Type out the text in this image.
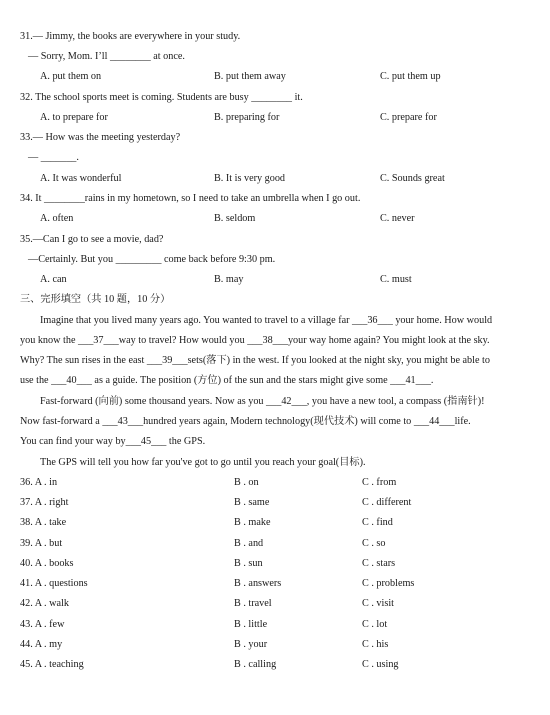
31.— Jimmy, the books are everywhere in your study.
— Sorry, Mom. I’ll ________ at once.
A. put them on	B. put them away	C. put them up
32. The school sports meet is coming. Students are busy ________ it.
A. to prepare for	B. preparing for	C. prepare for
33.— How was the meeting yesterday?
— _______.
A. It was wonderful	B. It is very good	C. Sounds great
34. It ________rains in my hometown, so I need to take an umbrella when I go out.
A. often	B. seldom	C. never
35.—Can I go to see a movie, dad?
—Certainly. But you _________ come back before 9:30 pm.
A. can	B. may	C. must
三、完形填空（共 10 题，10 分）
Imagine that you lived many years ago. You wanted to travel to a village far ___36___ your home. How would
you know the ___37___way to travel? How would you ___38___your way home again? You might look at the sky.
Why? The sun rises in the east ___39___sets(落下) in the west. If you looked at the night sky, you might be able to
use the ___40___ as a guide. The position (方位) of the sun and the stars might give some ___41___.
Fast-forward (向前) some thousand years. Now as you ___42___, you have a new tool, a compass (指南针)!
Now fast-forward a ___43___hundred years again, Modern technology(现代技术) will come to ___44___life.
You can find your way by___45___ the GPS.
The GPS will tell you how far you've got to go until you reach your goal(目标).
36. A . in	B . on	C . from
37. A . right	B . same	C . different
38. A . take	B . make	C . find
39. A . but	B . and	C . so
40. A . books	B . sun	C . stars
41. A . questions	B . answers	C . problems
42. A . walk	B . travel	C . visit
43. A . few	B . little	C . lot
44. A . my	B . your	C . his
45. A . teaching	B . calling	C . using
